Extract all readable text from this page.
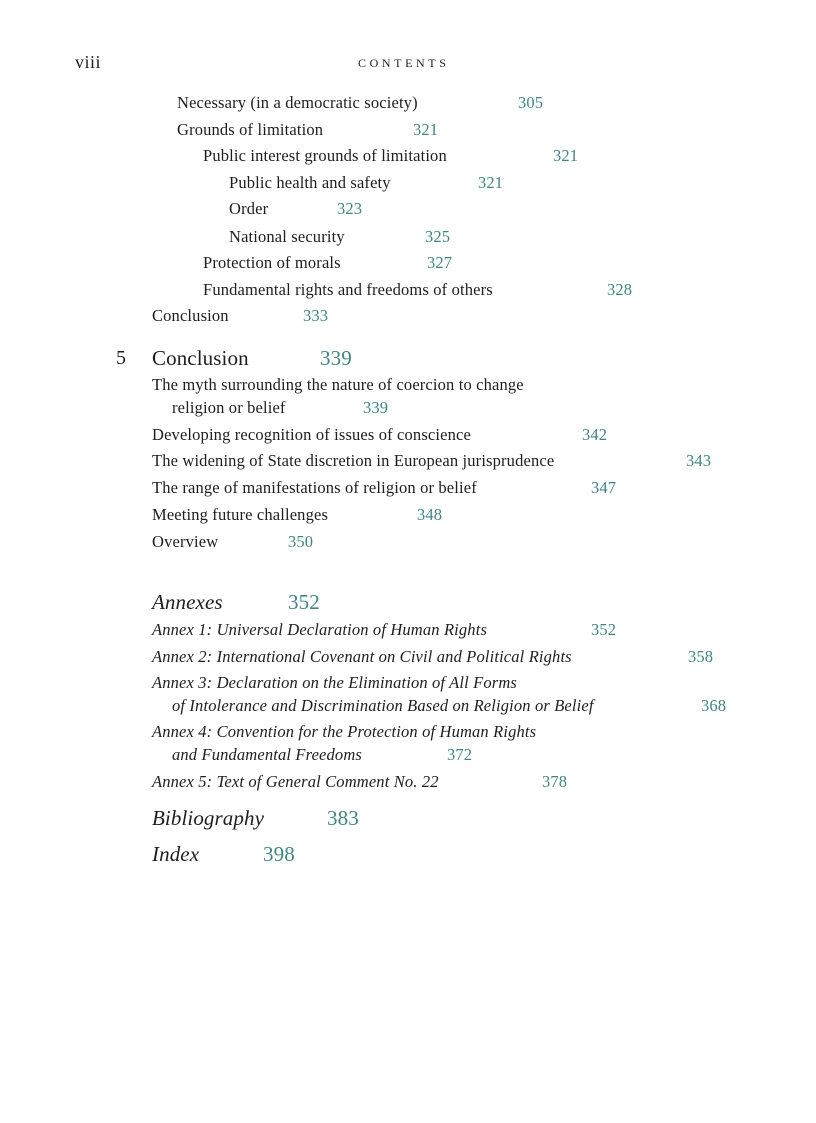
viii	CONTENTS
Necessary (in a democratic society)	305
Grounds of limitation	321
Public interest grounds of limitation	321
Public health and safety	321
Order	323
National security	325
Protection of morals	327
Fundamental rights and freedoms of others	328
Conclusion	333
5 Conclusion	339
The myth surrounding the nature of coercion to change
religion or belief	339
Developing recognition of issues of conscience	342
The widening of State discretion in European jurisprudence	343
The range of manifestations of religion or belief	347
Meeting future challenges	348
Overview	350
Annexes	352
Annex 1: Universal Declaration of Human Rights	352
Annex 2: International Covenant on Civil and Political Rights	358
Annex 3: Declaration on the Elimination of All Forms
of Intolerance and Discrimination Based on Religion or Belief	368
Annex 4: Convention for the Protection of Human Rights
and Fundamental Freedoms	372
Annex 5: Text of General Comment No. 22	378
Bibliography	383
Index	398
